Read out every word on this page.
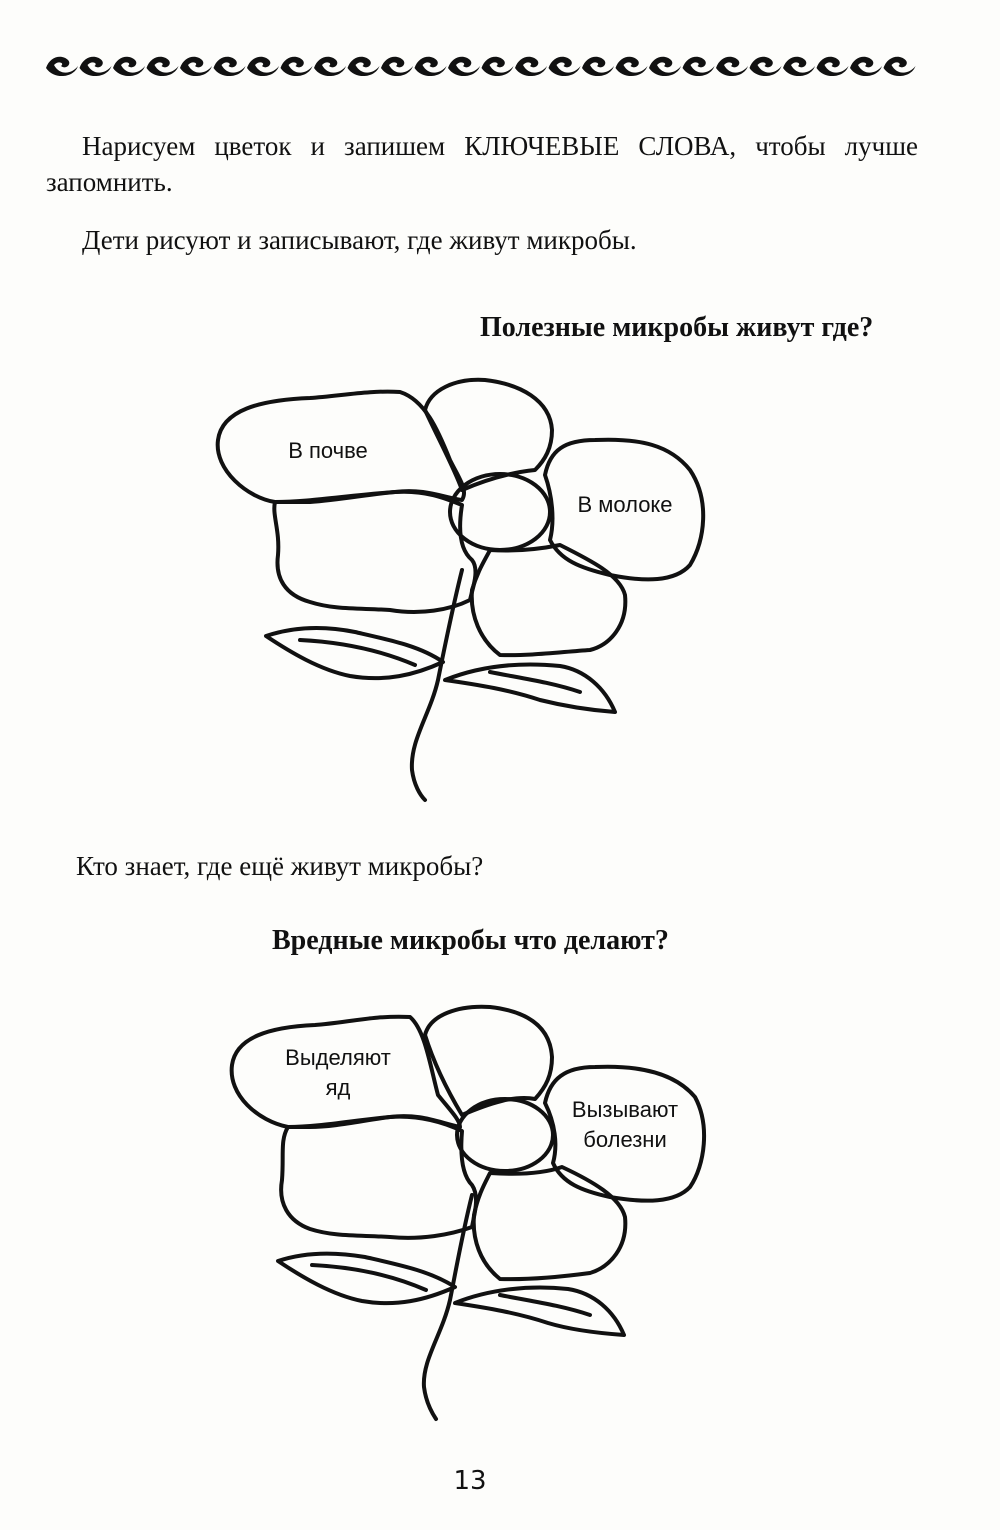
Нарисуем цветок и запишем КЛЮЧЕВЫЕ СЛОВА, чтобы лучше запомнить.

Дети рисуют и записывают, где живут микробы.

Полезные микробы живут где?
В почве
В молоке

Кто знает, где ещё живут микробы?

Вредные микробы что делают?
Выделяют
яд
Вызывают
болезни
13
